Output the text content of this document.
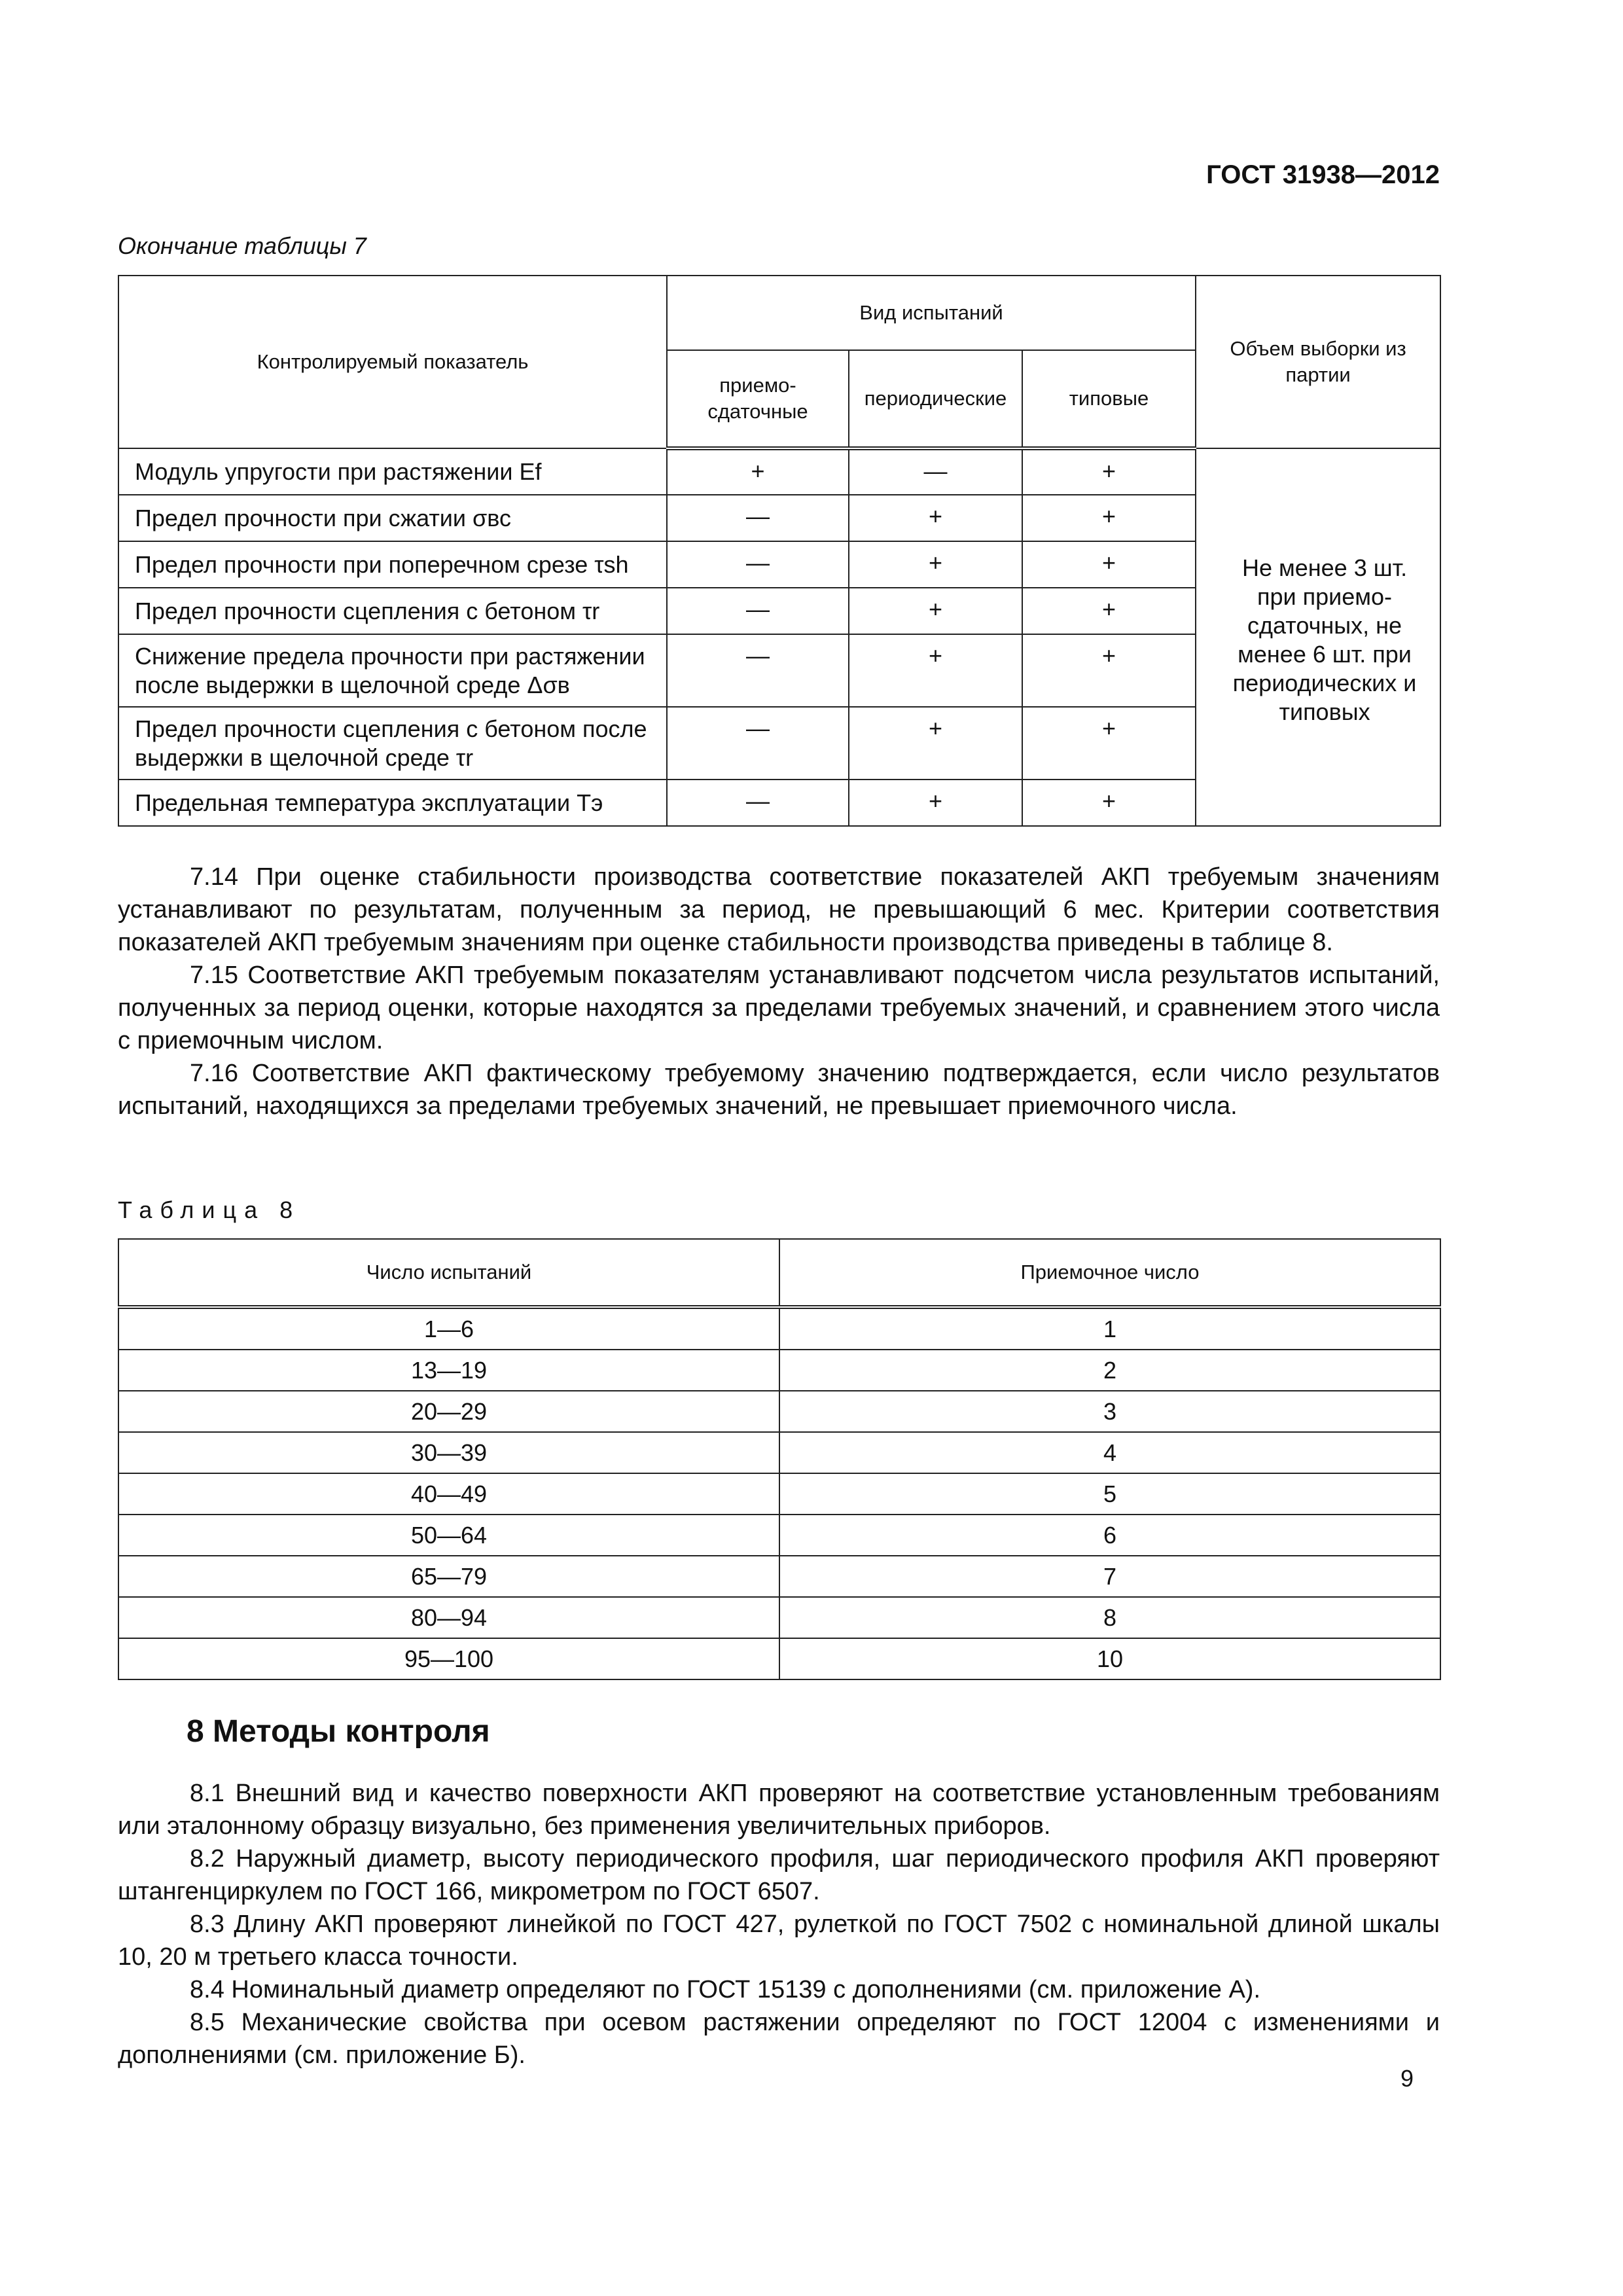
ГОСТ 31938—2012
Окончание таблицы 7
Контролируемый показатель	Вид испытаний			Объем выборки из партии
	приемо-сдаточные	периодические	типовые	
Модуль упругости при растяжении Ef	+	—	+	Не менее 3 шт. при приемо-сдаточных, не менее 6 шт. при периодических и типовых
Предел прочности при сжатии σвс	—	+	+	
Предел прочности при поперечном срезе τsh	—	+	+	
Предел прочности сцепления с бетоном τr	—	+	+	
Снижение предела прочности при растяжении после выдержки в щелочной среде Δσв	—	+	+	
Предел прочности сцепления с бетоном после выдержки в щелочной среде τr	—	+	+	
Предельная температура эксплуатации Tэ	—	+	+	

7.14 При оценке стабильности производства соответствие показателей АКП требуемым значениям устанавливают по результатам, полученным за период, не превышающий 6 мес. Критерии соответствия показателей АКП требуемым значениям при оценке стабильности производства приведены в таблице 8.

7.15 Соответствие АКП требуемым показателям устанавливают подсчетом числа результатов испытаний, полученных за период оценки, которые находятся за пределами требуемых значений, и сравнением этого числа с приемочным числом.

7.16 Соответствие АКП фактическому требуемому значению подтверждается, если число результатов испытаний, находящихся за пределами требуемых значений, не превышает приемочного числа.

Таблица 8
Число испытаний	Приемочное число
1—6	1
13—19	2
20—29	3
30—39	4
40—49	5
50—64	6
65—79	7
80—94	8
95—100	10
8 Методы контроля

8.1 Внешний вид и качество поверхности АКП проверяют на соответствие установленным требованиям или эталонному образцу визуально, без применения увеличительных приборов.

8.2 Наружный диаметр, высоту периодического профиля, шаг периодического профиля АКП проверяют штангенциркулем по ГОСТ 166, микрометром по ГОСТ 6507.

8.3 Длину АКП проверяют линейкой по ГОСТ 427, рулеткой по ГОСТ 7502 с номинальной длиной шкалы 10, 20 м третьего класса точности.

8.4 Номинальный диаметр определяют по ГОСТ 15139 с дополнениями (см. приложение А).

8.5 Механические свойства при осевом растяжении определяют по ГОСТ 12004 с изменениями и дополнениями (см. приложение Б).

9
